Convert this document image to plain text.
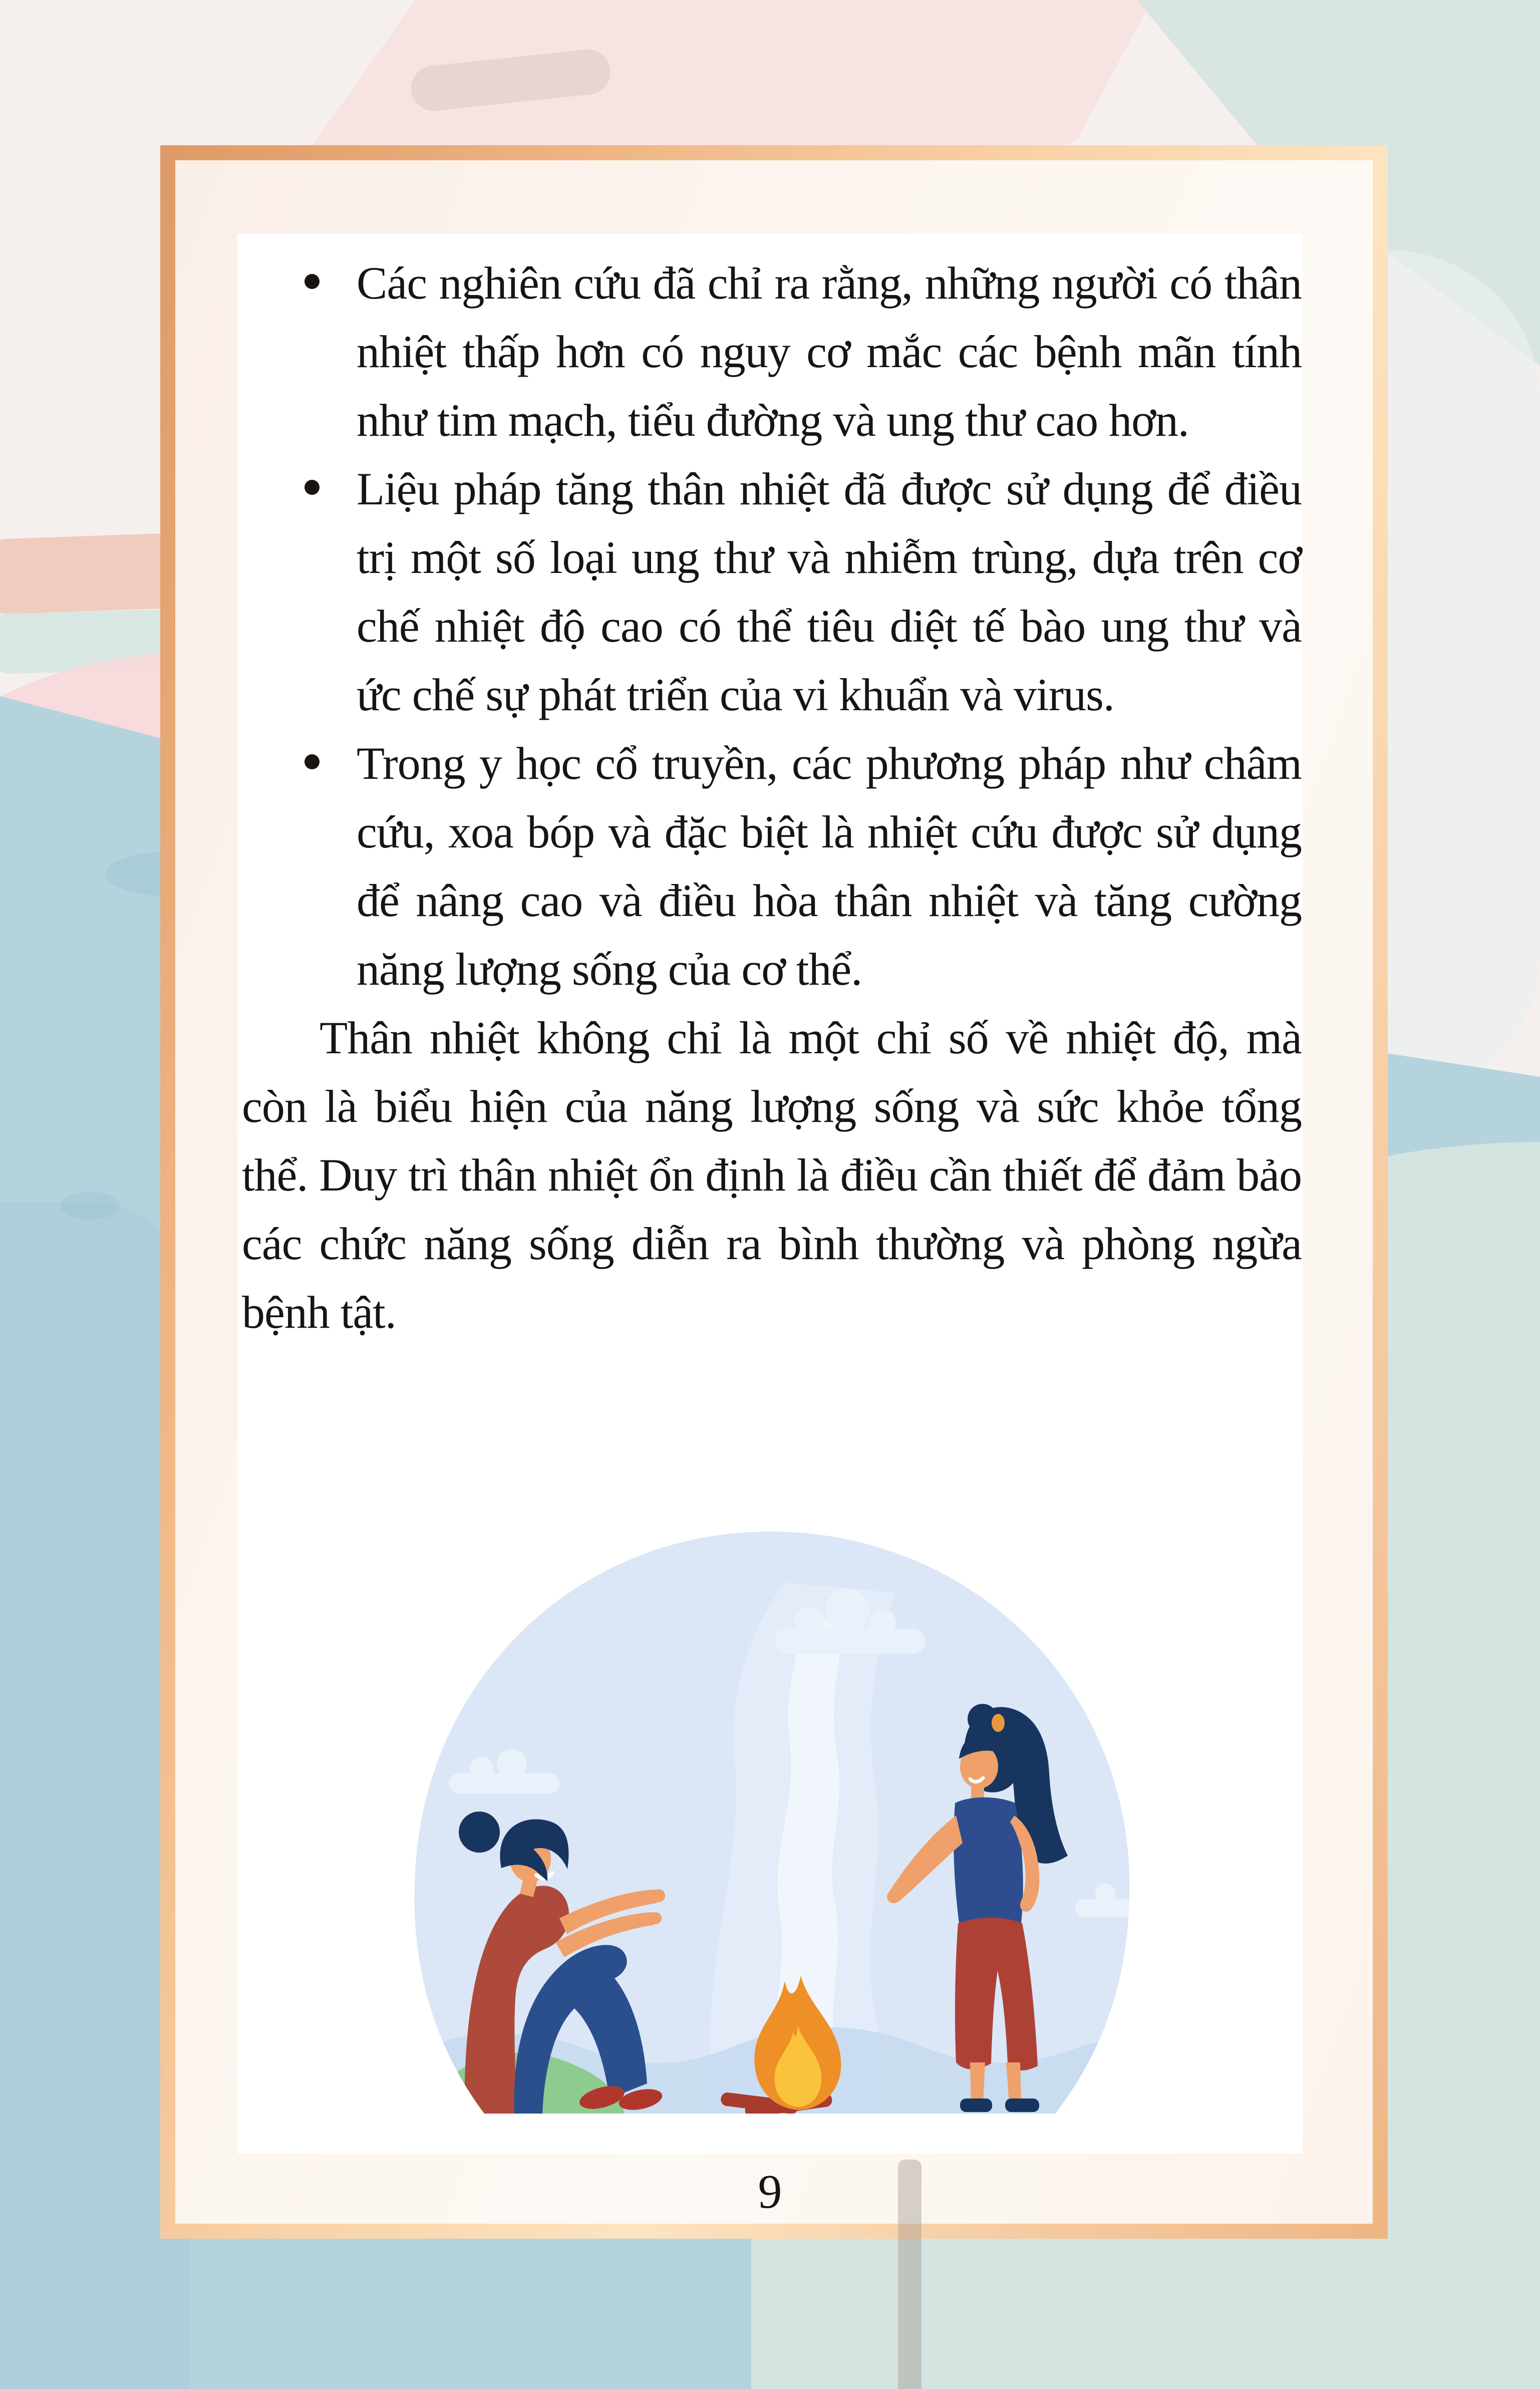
Các nghiên cứu đã chỉ ra rằng, những người có thân nhiệt thấp hơn có nguy cơ mắc các bệnh mãn tính như tim mạch, tiểu đường và ung thư cao hơn.
Liệu pháp tăng thân nhiệt đã được sử dụng để điều trị một số loại ung thư và nhiễm trùng, dựa trên cơ chế nhiệt độ cao có thể tiêu diệt tế bào ung thư và ức chế sự phát triển của vi khuẩn và virus.
Trong y học cổ truyền, các phương pháp như châm cứu, xoa bóp và đặc biệt là nhiệt cứu được sử dụng để nâng cao và điều hòa thân nhiệt và tăng cường năng lượng sống của cơ thể.

Thân nhiệt không chỉ là một chỉ số về nhiệt độ, mà còn là biểu hiện của năng lượng sống và sức khỏe tổng thể. Duy trì thân nhiệt ổn định là điều cần thiết để đảm bảo các chức năng sống diễn ra bình thường và phòng ngừa bệnh tật.

9
